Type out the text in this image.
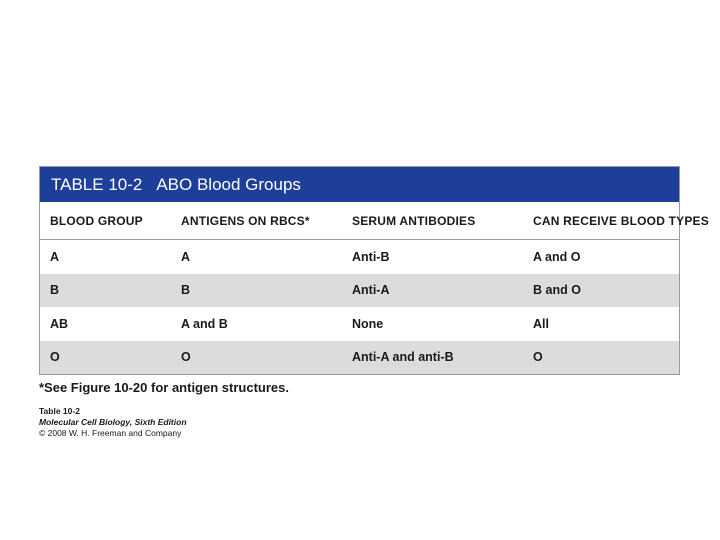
TABLE 10-2 ABO Blood Groups
BLOOD GROUP	ANTIGENS ON RBCS*	SERUM ANTIBODIES	CAN RECEIVE BLOOD TYPES
A	A	Anti-B	A and O
B	B	Anti-A	B and O
AB	A and B	None	All
O	O	Anti-A and anti-B	O
*See Figure 10-20 for antigen structures.
Table 10-2
Molecular Cell Biology, Sixth Edition
© 2008 W. H. Freeman and Company
